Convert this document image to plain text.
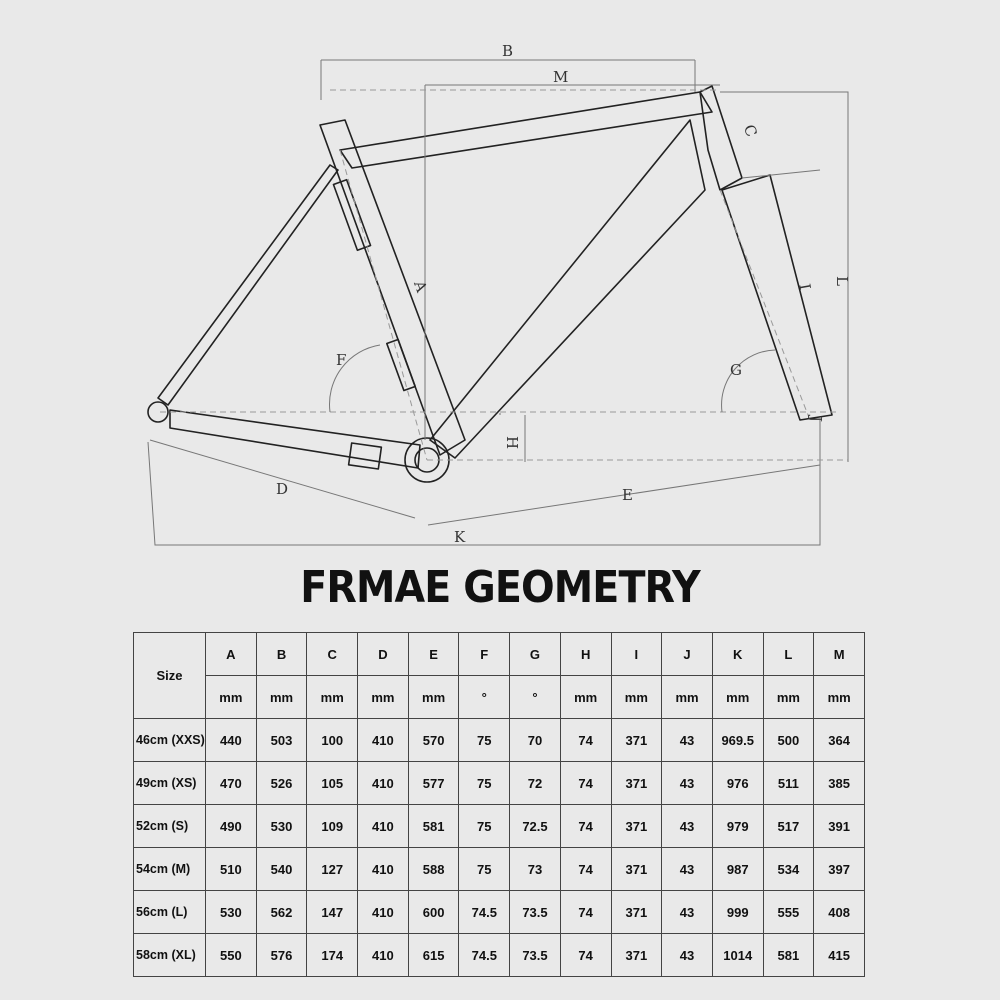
B
M
C
A	L
I
F
G
H
J
D	E
K
FRMAE GEOMETRY
Size	A	B	C	D	E	F	G	H	I	J	K	L	M
	mm	mm	mm	mm	mm	°	°	mm	mm	mm	mm	mm	mm
46cm (XXS)	440	503	100	410	570	75	70	74	371	43	969.5	500	364
49cm (XS)	470	526	105	410	577	75	72	74	371	43	976	511	385
52cm (S)	490	530	109	410	581	75	72.5	74	371	43	979	517	391
54cm (M)	510	540	127	410	588	75	73	74	371	43	987	534	397
56cm (L)	530	562	147	410	600	74.5	73.5	74	371	43	999	555	408
58cm (XL)	550	576	174	410	615	74.5	73.5	74	371	43	1014	581	415
